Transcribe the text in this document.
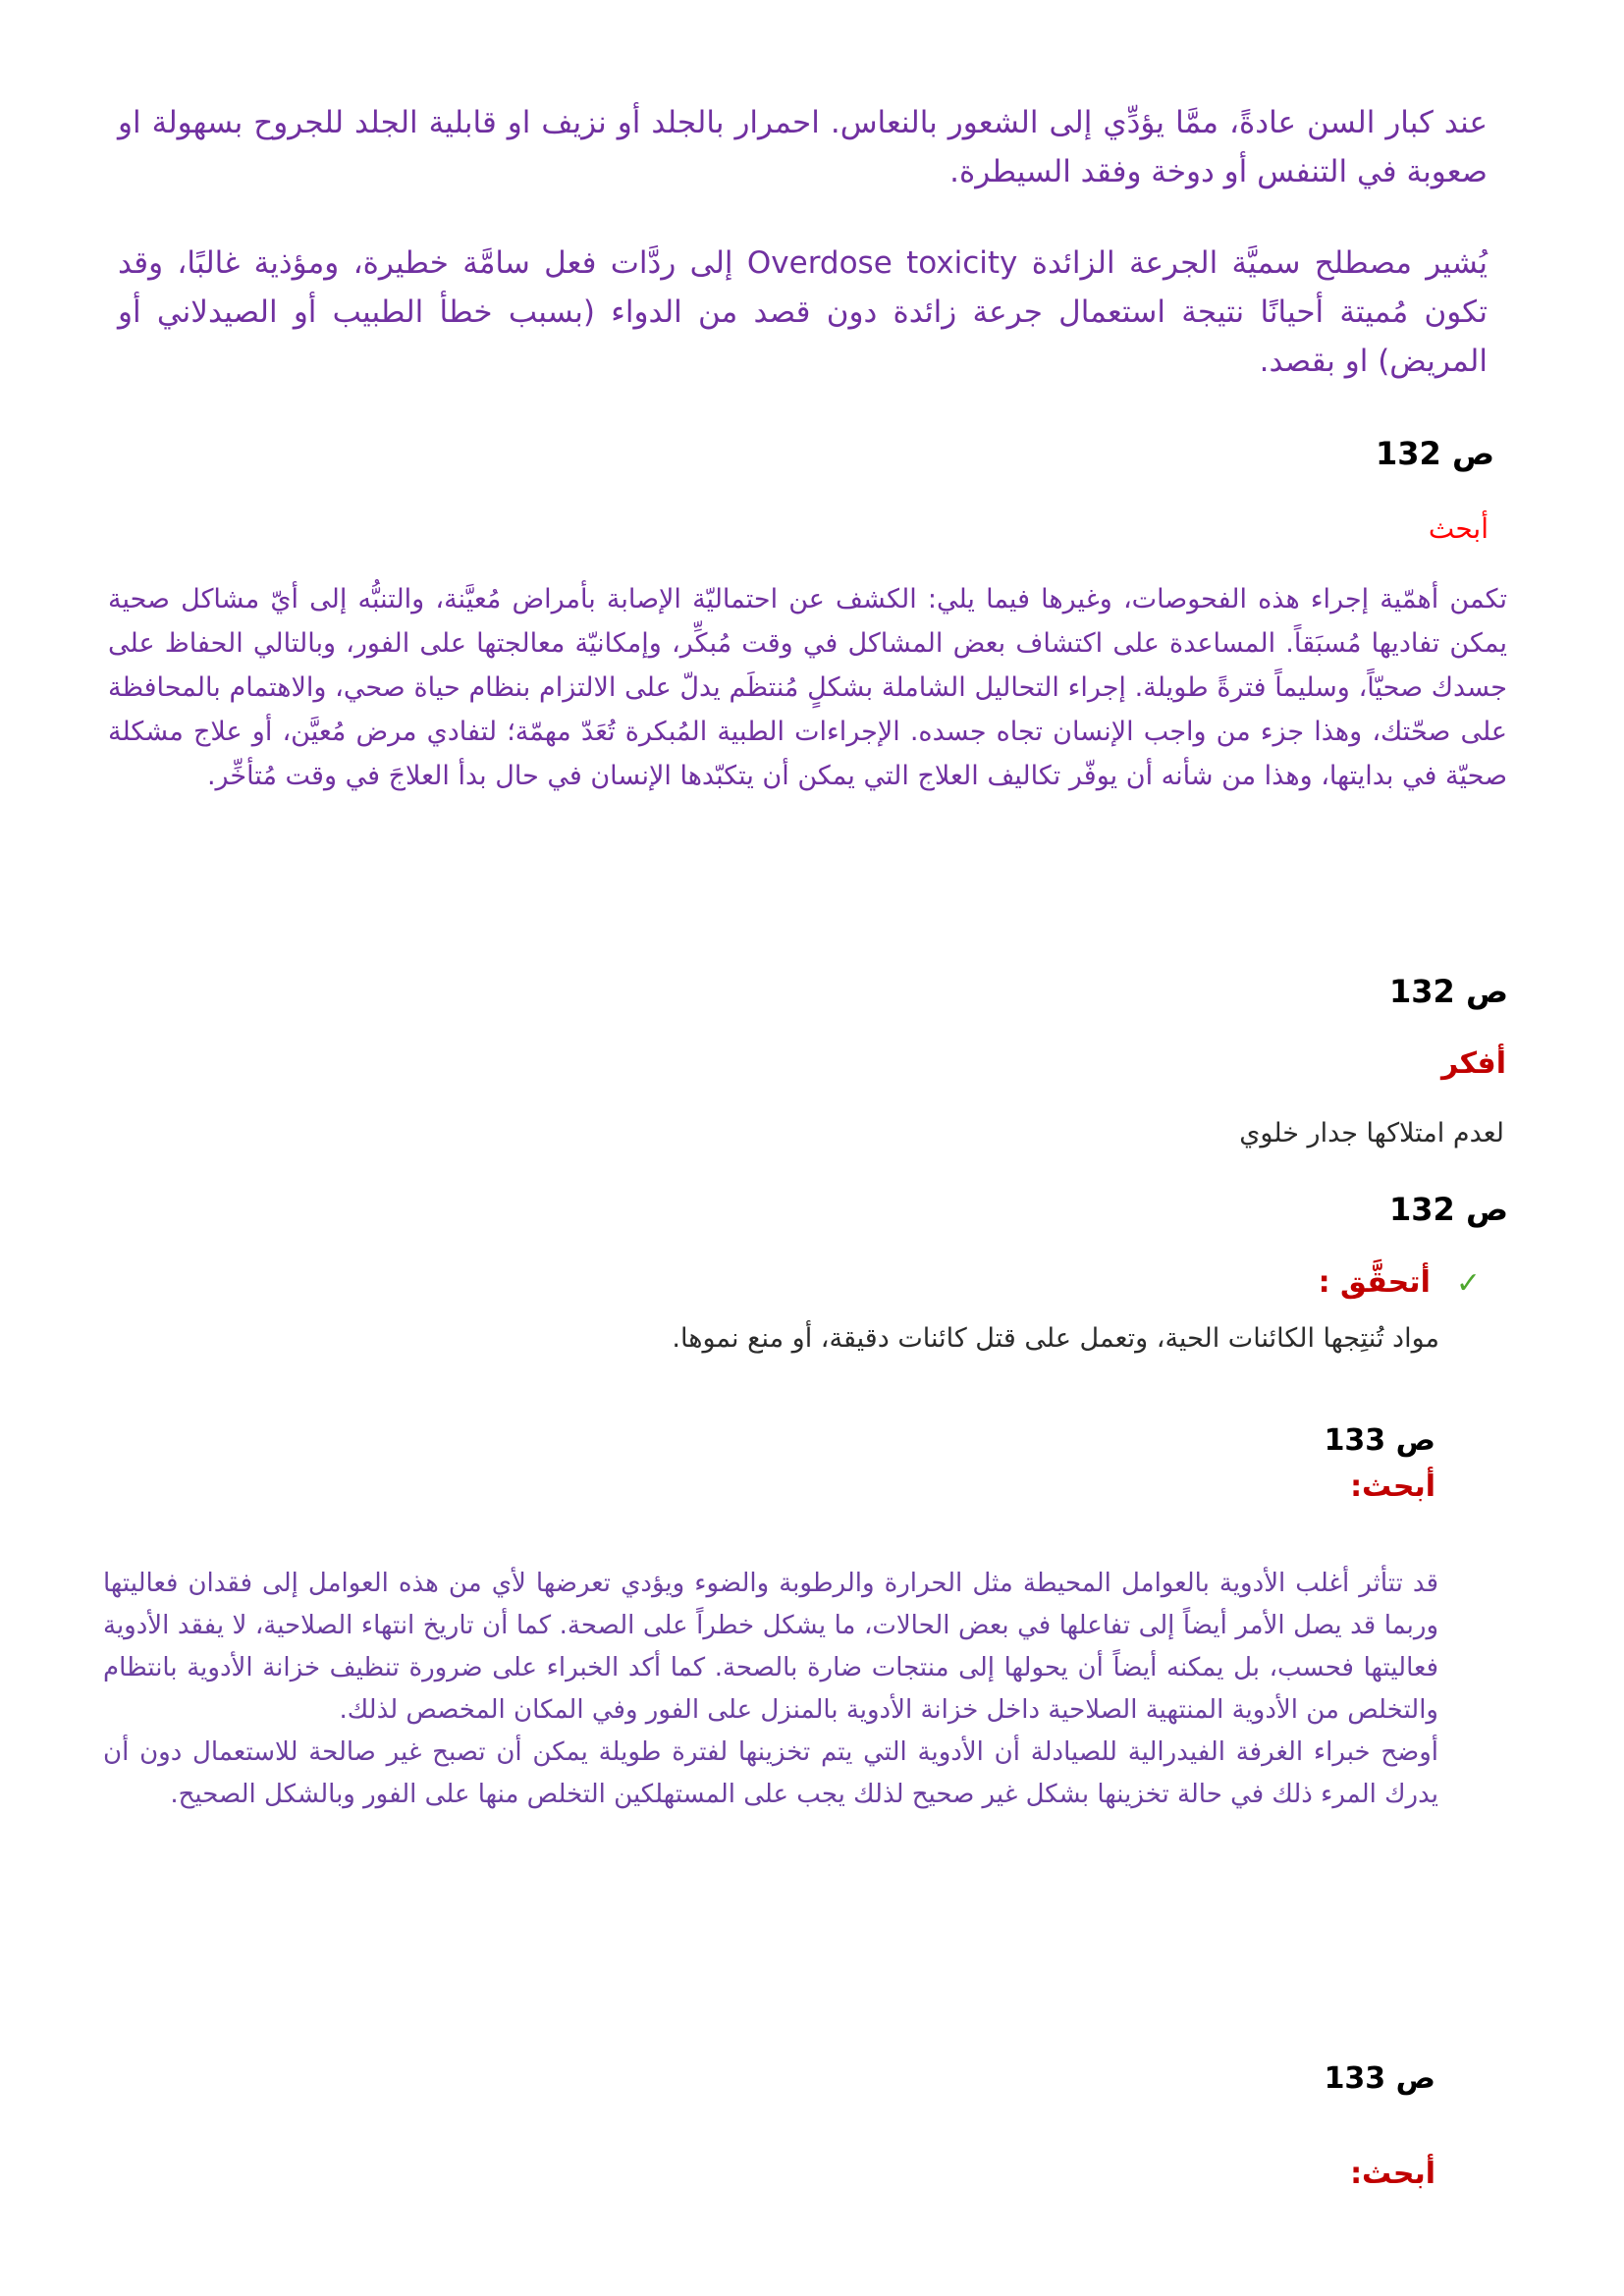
عند كبار السن عادةً، ممَّا يؤدِّي إلى الشعور بالنعاس. احمرار بالجلد أو نزيف او قابلية الجلد للجروح بسهولة او صعوبة في التنفس أو دوخة وفقد السيطرة.

يُشير مصطلح سميَّة الجرعة الزائدة Overdose toxicity إلى ردَّات فعل سامَّة خطيرة، ومؤذية غالبًا، وقد تكون مُميتة أحيانًا نتيجة استعمال جرعة زائدة دون قصد من الدواء (بسبب خطأ الطبيب أو الصيدلاني أو المريض) او بقصد.

ص 132
أبحث

تكمن أهمّية إجراء هذه الفحوصات، وغيرها فيما يلي: الكشف عن احتماليّة الإصابة بأمراض مُعيَّنة، والتنبُّه إلى أيّ مشاكل صحية يمكن تفاديها مُسبَقاً. المساعدة على اكتشاف بعض المشاكل في وقت مُبكِّر، وإمكانيّة معالجتها على الفور، وبالتالي الحفاظ على جسدك صحيّاً، وسليماً فترةً طويلة. إجراء التحاليل الشاملة بشكلٍ مُنتظَم يدلّ على الالتزام بنظام حياة صحي، والاهتمام بالمحافظة على صحّتك، وهذا جزء من واجب الإنسان تجاه جسده. الإجراءات الطبية المُبكرة تُعَدّ مهمّة؛ لتفادي مرض مُعيَّن، أو علاج مشكلة صحيّة في بدايتها، وهذا من شأنه أن يوفّر تكاليف العلاج التي يمكن أن يتكبّدها الإنسان في حال بدأ العلاجَ في وقت مُتأخِّر.

ص 132
أفكر
لعدم امتلاكها جدار خلوي
ص 132
✓
أتحقَّق :
مواد تُنتِجها الكائنات الحية، وتعمل على قتل كائنات دقيقة، أو منع نموها.
ص 133
أبحث:

قد تتأثر أغلب الأدوية بالعوامل المحيطة مثل الحرارة والرطوبة والضوء ويؤدي تعرضها لأي من هذه العوامل إلى فقدان فعاليتها وربما قد يصل الأمر أيضاً إلى تفاعلها في بعض الحالات، ما يشكل خطراً على الصحة. كما أن تاريخ انتهاء الصلاحية، لا يفقد الأدوية فعاليتها فحسب، بل يمكنه أيضاً أن يحولها إلى منتجات ضارة بالصحة. كما أكد الخبراء على ضرورة تنظيف خزانة الأدوية بانتظام والتخلص من الأدوية المنتهية الصلاحية داخل خزانة الأدوية بالمنزل على الفور وفي المكان المخصص لذلك.

أوضح خبراء الغرفة الفيدرالية للصيادلة أن الأدوية التي يتم تخزينها لفترة طويلة يمكن أن تصبح غير صالحة للاستعمال دون أن يدرك المرء ذلك في حالة تخزينها بشكل غير صحيح لذلك يجب على المستهلكين التخلص منها على الفور وبالشكل الصحيح.

ص 133
أبحث:
